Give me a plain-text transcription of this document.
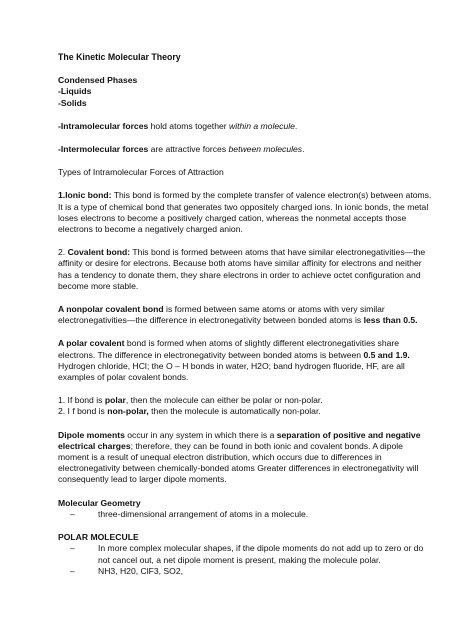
The Kinetic Molecular Theory

Condensed Phases

-Liquids

-Solids

-Intramolecular forces hold atoms together within a molecule.

-Intermolecular forces are attractive forces between molecules.

Types of Intramolecular Forces of Attraction

1.Ionic bond: This bond is formed by the complete transfer of valence electron(s) between atoms. It is a type of chemical bond that generates two oppositely charged ions. In ionic bonds, the metal loses electrons to become a positively charged cation, whereas the nonmetal accepts those electrons to become a negatively charged anion.

2. Covalent bond: This bond is formed between atoms that have similar electronegativities—the affinity or desire for electrons. Because both atoms have similar affinity for electrons and neither has a tendency to donate them, they share electrons in order to achieve octet configuration and become more stable.

A nonpolar covalent bond is formed between same atoms or atoms with very similar electronegativities—the difference in electronegativity between bonded atoms is less than 0.5.

A polar covalent bond is formed when atoms of slightly different electronegativities share electrons. The difference in electronegativity between bonded atoms is between 0.5 and 1.9. Hydrogen chloride, HCl; the O – H bonds in water, H2O; band hydrogen fluoride, HF, are all examples of polar covalent bonds.

1. If bond is polar, then the molecule can either be polar or non-polar.

2. I f bond is non-polar, then the molecule is automatically non-polar.

Dipole moments occur in any system in which there is a separation of positive and negative electrical charges; therefore, they can be found in both ionic and covalent bonds. A dipole moment is a result of unequal electron distribution, which occurs due to differences in electronegativity between chemically-bonded atoms Greater differences in electronegativity will consequently lead to larger dipole moments.

Molecular Geometry

– three-dimensional arrangement of atoms in a molecule.

POLAR MOLECULE

– In more complex molecular shapes, if the dipole moments do not add up to zero or do not cancel out, a net dipole moment is present, making the molecule polar.

– NH3, H20, ClF3, SO2,
